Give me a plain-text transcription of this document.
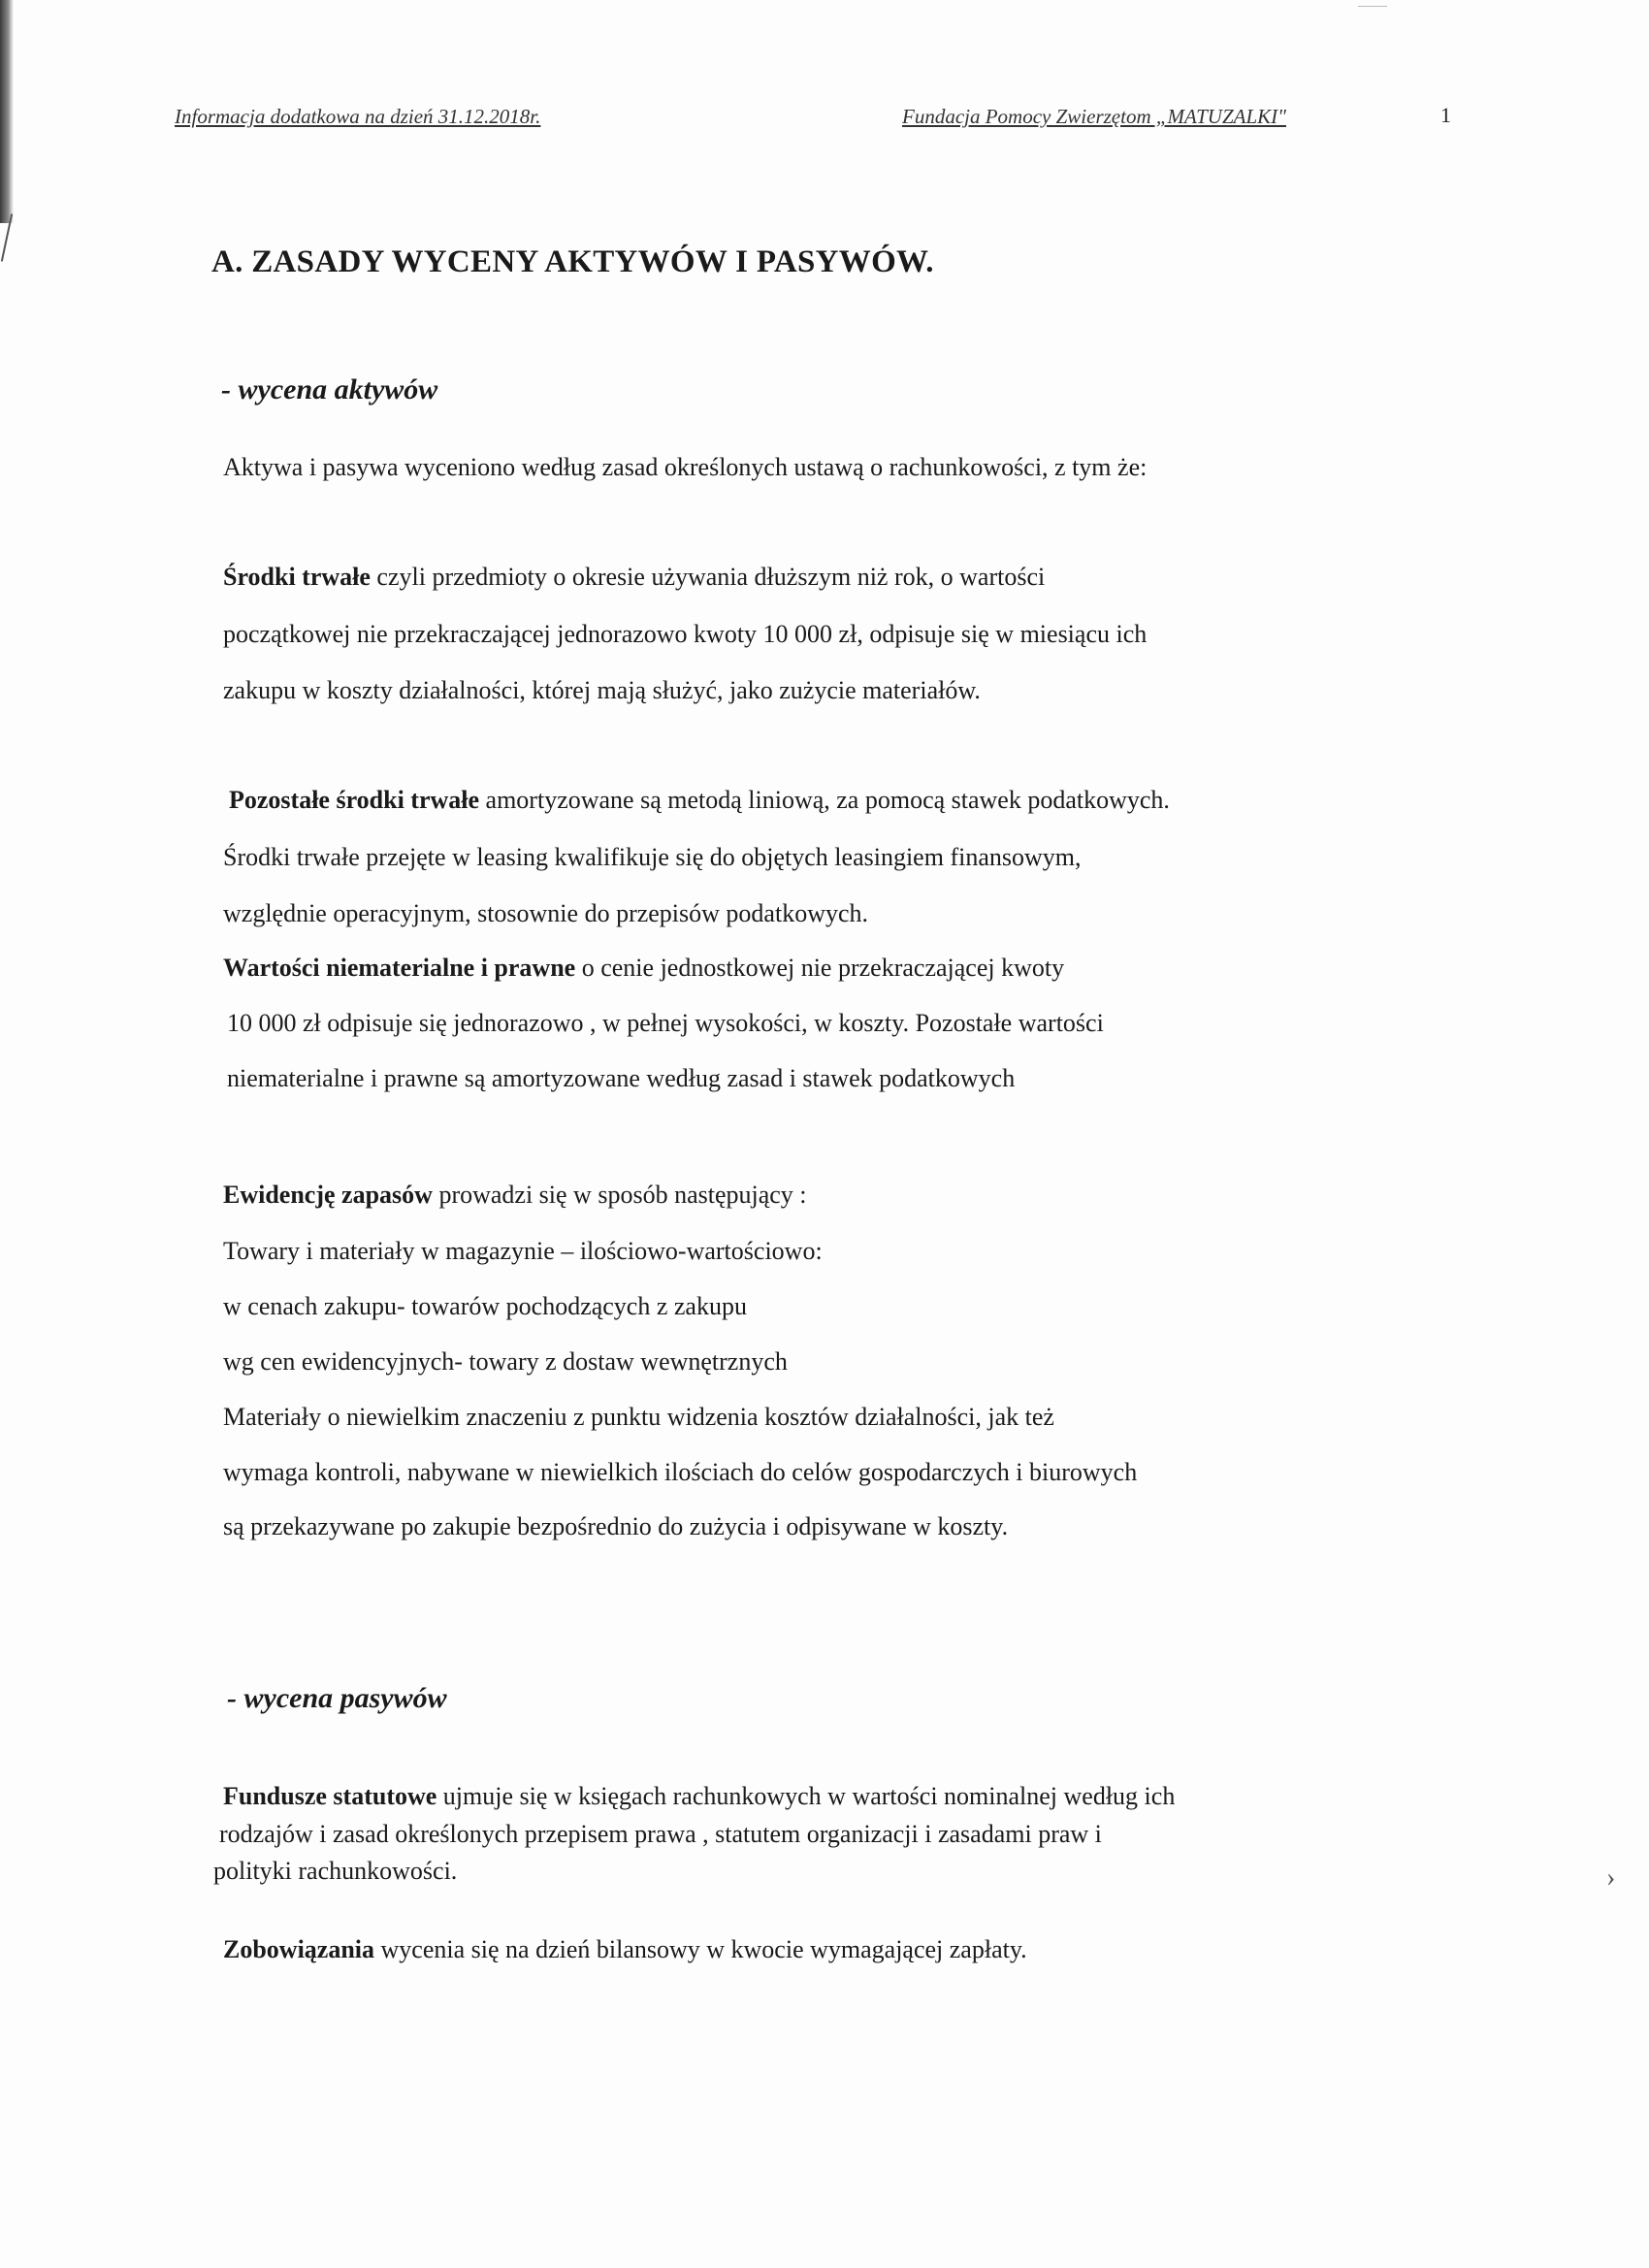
›
Informacja dodatkowa na dzień 31.12.2018r.	Fundacja Pomocy Zwierzętom „MATUZALKI"	1
A. ZASADY WYCENY AKTYWÓW I PASYWÓW.
- wycena aktywów

Aktywa i pasywa wyceniono według zasad określonych ustawą o rachunkowości, z tym że:

Środki trwałe czyli przedmioty o okresie używania dłuższym niż rok, o wartości

początkowej nie przekraczającej jednorazowo kwoty 10 000 zł, odpisuje się w miesiącu ich

zakupu w koszty działalności, której mają służyć, jako zużycie materiałów.

Pozostałe środki trwałe amortyzowane są metodą liniową, za pomocą stawek podatkowych.

Środki trwałe przejęte w leasing kwalifikuje się do objętych leasingiem finansowym,

względnie operacyjnym, stosownie do przepisów podatkowych.

Wartości niematerialne i prawne o cenie jednostkowej nie przekraczającej kwoty

10 000 zł odpisuje się jednorazowo , w pełnej wysokości, w koszty. Pozostałe wartości

niematerialne i prawne są amortyzowane według zasad i stawek podatkowych

Ewidencję zapasów prowadzi się w sposób następujący :

Towary i materiały w magazynie – ilościowo-wartościowo:

w cenach zakupu- towarów pochodzących z zakupu

wg cen ewidencyjnych- towary z dostaw wewnętrznych

Materiały o niewielkim znaczeniu z punktu widzenia kosztów działalności, jak też

wymaga kontroli, nabywane w niewielkich ilościach do celów gospodarczych i biurowych

są przekazywane po zakupie bezpośrednio do zużycia i odpisywane w koszty.

- wycena pasywów

Fundusze statutowe ujmuje się w księgach rachunkowych w wartości nominalnej według ich

rodzajów i zasad określonych przepisem prawa , statutem organizacji i zasadami praw i

polityki rachunkowości.

Zobowiązania wycenia się na dzień bilansowy w kwocie wymagającej zapłaty.
